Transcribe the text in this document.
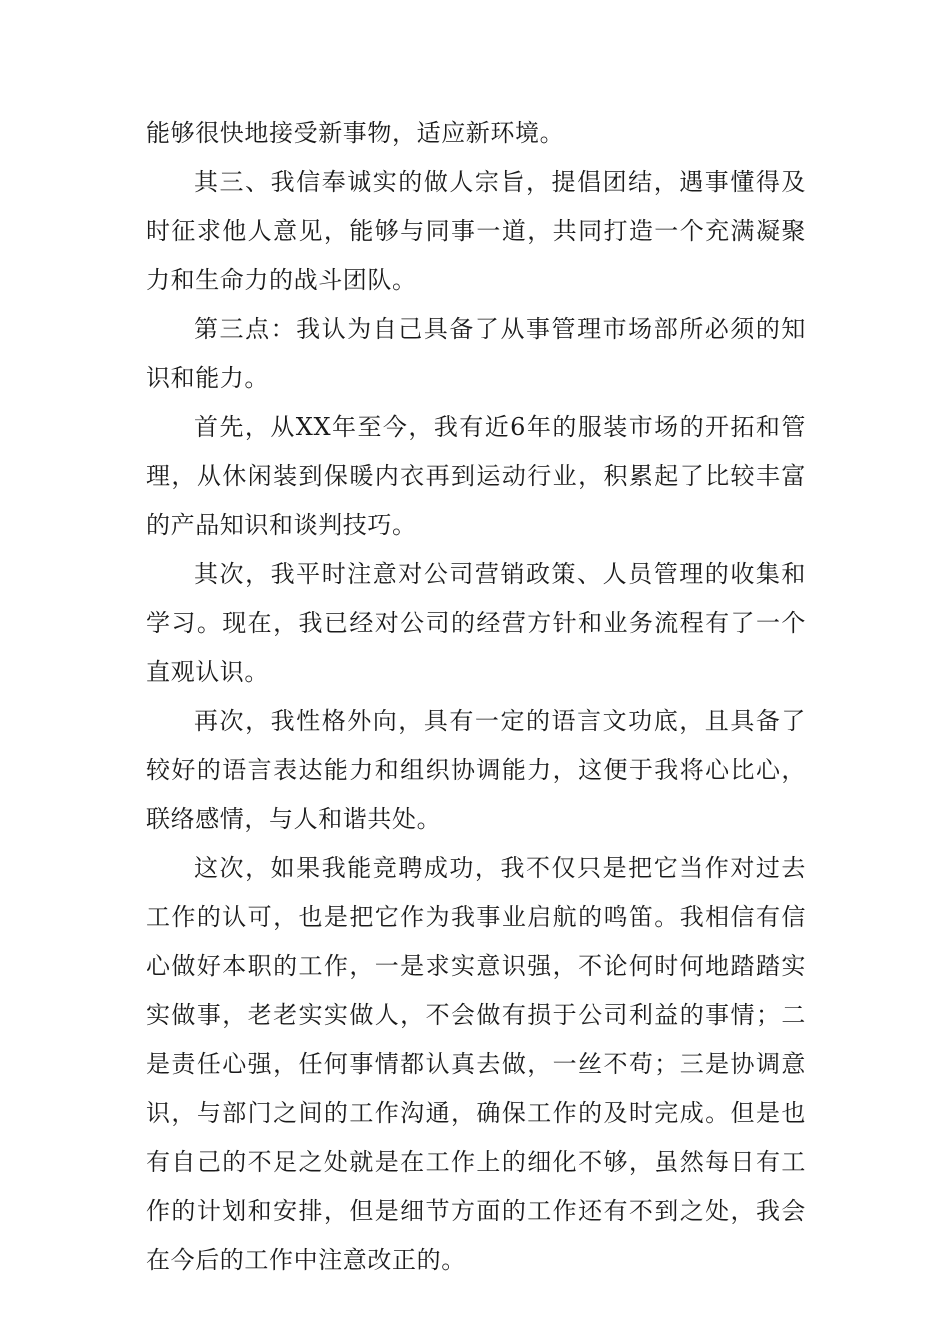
能够很快地接受新事物，适应新环境。

其三、我信奉诚实的做人宗旨，提倡团结，遇事懂得及时征求他人意见，能够与同事一道，共同打造一个充满凝聚力和生命力的战斗团队。

第三点：我认为自己具备了从事管理市场部所必须的知识和能力。

首先，从XX年至今，我有近6年的服装市场的开拓和管理，从休闲装到保暖内衣再到运动行业，积累起了比较丰富的产品知识和谈判技巧。

其次，我平时注意对公司营销政策、人员管理的收集和学习。现在，我已经对公司的经营方针和业务流程有了一个直观认识。

再次，我性格外向，具有一定的语言文功底，且具备了较好的语言表达能力和组织协调能力，这便于我将心比心，联络感情，与人和谐共处。

这次，如果我能竞聘成功，我不仅只是把它当作对过去工作的认可，也是把它作为我事业启航的鸣笛。我相信有信心做好本职的工作，一是求实意识强，不论何时何地踏踏实实做事，老老实实做人，不会做有损于公司利益的事情；二是责任心强，任何事情都认真去做，一丝不苟；三是协调意识，与部门之间的工作沟通，确保工作的及时完成。但是也有自己的不足之处就是在工作上的细化不够，虽然每日有工作的计划和安排，但是细节方面的工作还有不到之处，我会在今后的工作中注意改正的。
